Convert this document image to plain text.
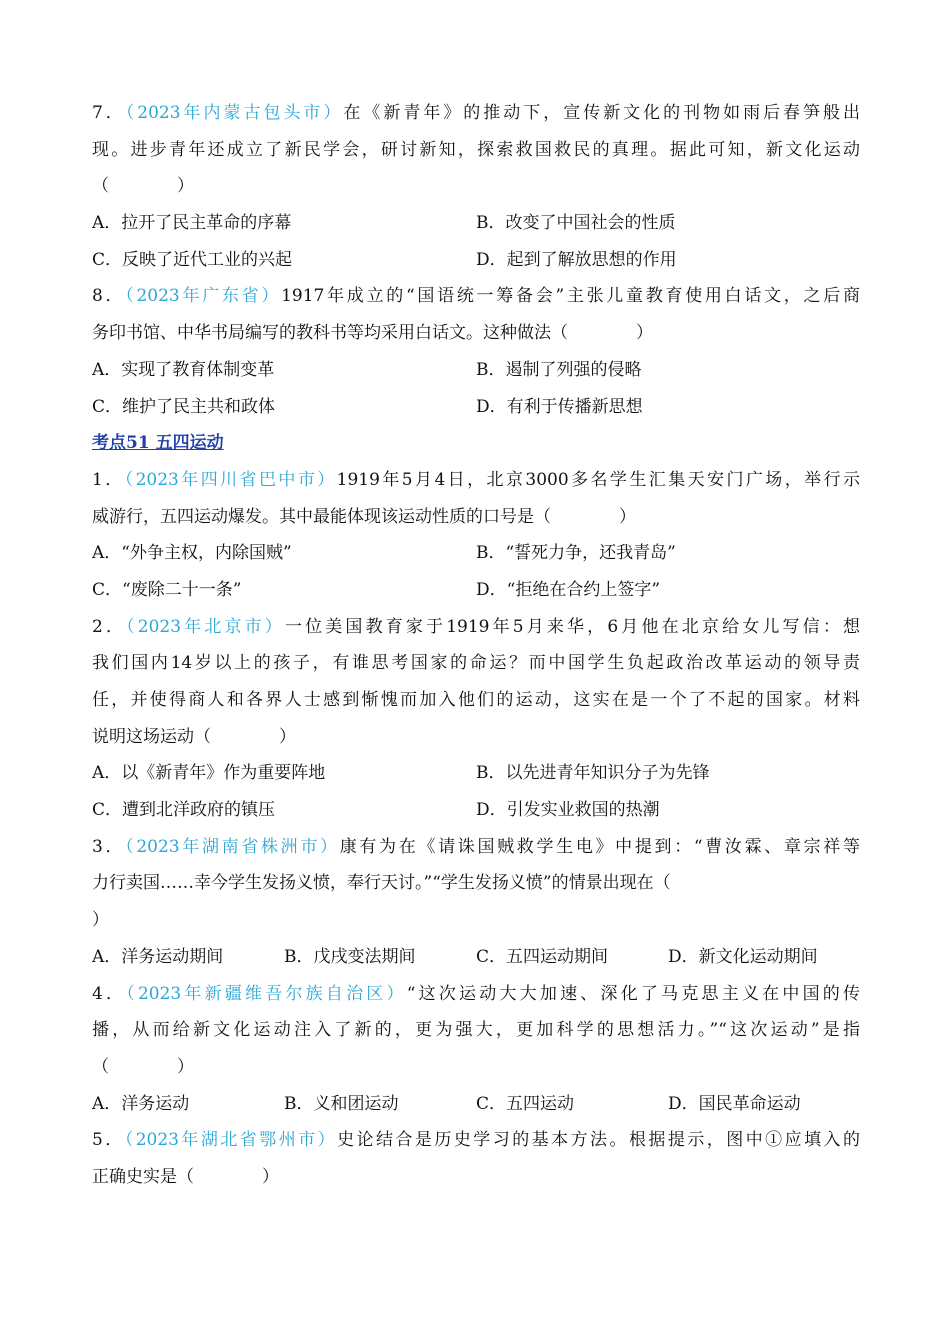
7．（2023年内蒙古包头市）在《新青年》的推动下，宣传新文化的刊物如雨后春笋般出
现。进步青年还成立了新民学会，研讨新知，探索救国救民的真理。据此可知，新文化运动
（　　　　）
A．拉开了民主革命的序幕	B．改变了中国社会的性质
C．反映了近代工业的兴起	D．起到了解放思想的作用
8．（2023年广东省）1917年成立的“国语统一筹备会”主张儿童教育使用白话文，之后商
务印书馆、中华书局编写的教科书等均采用白话文。这种做法（　　　　）
A．实现了教育体制变革	B．遏制了列强的侵略
C．维护了民主共和政体	D．有利于传播新思想
考点51 五四运动
1．（2023年四川省巴中市）1919年5月4日，北京3000多名学生汇集天安门广场，举行示
威游行，五四运动爆发。其中最能体现该运动性质的口号是（　　　　）
A．“外争主权，内除国贼”	B．“誓死力争，还我青岛”
C．“废除二十一条”	D．“拒绝在合约上签字”
2．（2023年北京市）一位美国教育家于1919年5月来华，6月他在北京给女儿写信：想
我们国内14岁以上的孩子，有谁思考国家的命运？而中国学生负起政治改革运动的领导责
任，并使得商人和各界人士感到惭愧而加入他们的运动，这实在是一个了不起的国家。材料
说明这场运动（　　　　）
A．以《新青年》作为重要阵地	B．以先进青年知识分子为先锋
C．遭到北洋政府的镇压	D．引发实业救国的热潮
3．（2023年湖南省株洲市）康有为在《请诛国贼救学生电》中提到：“曹汝霖、章宗祥等
力行卖国……幸今学生发扬义愤，奉行天讨。”“学生发扬义愤”的情景出现在（
）
A．洋务运动期间	B．戊戌变法期间	C．五四运动期间	D．新文化运动期间
4．（2023年新疆维吾尔族自治区）“这次运动大大加速、深化了马克思主义在中国的传
播，从而给新文化运动注入了新的，更为强大，更加科学的思想活力。”“这次运动”是指
（　　　　）
A．洋务运动	B．义和团运动	C．五四运动	D．国民革命运动
5．（2023年湖北省鄂州市）史论结合是历史学习的基本方法。根据提示，图中①应填入的
正确史实是（　　　　）
